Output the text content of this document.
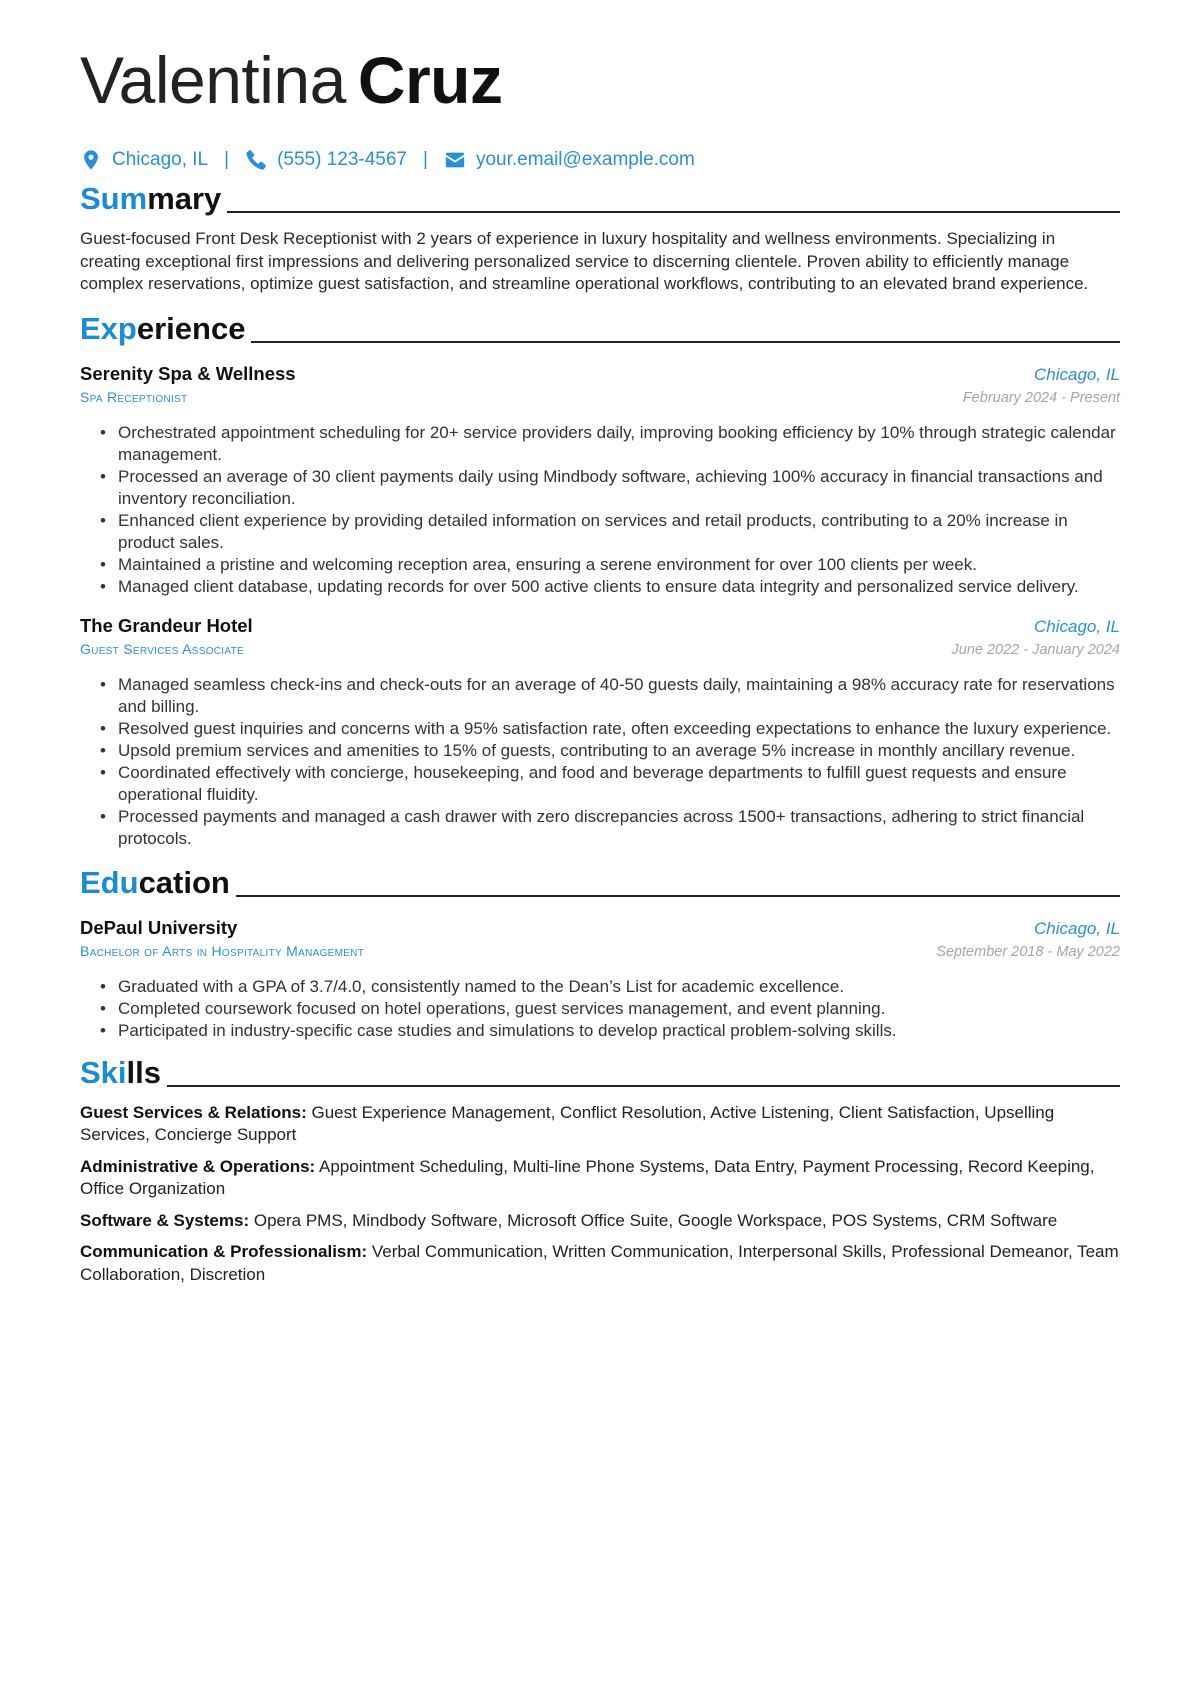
Valentina Cruz
Chicago, IL |	(555) 123-4567 |	your.email@example.com
Summary
Guest-focused Front Desk Receptionist with 2 years of experience in luxury hospitality and wellness environments. Specializing in creating exceptional first impressions and delivering personalized service to discerning clientele. Proven ability to efficiently manage complex reservations, optimize guest satisfaction, and streamline operational workflows, contributing to an elevated brand experience.
Experience
Serenity Spa & Wellness	Chicago, IL
Spa Receptionist	February 2024 - Present
• Orchestrated appointment scheduling for 20+ service providers daily, improving booking efficiency by 10% through strategic calendar management.
• Processed an average of 30 client payments daily using Mindbody software, achieving 100% accuracy in financial transactions and inventory reconciliation.
• Enhanced client experience by providing detailed information on services and retail products, contributing to a 20% increase in product sales.
• Maintained a pristine and welcoming reception area, ensuring a serene environment for over 100 clients per week.
• Managed client database, updating records for over 500 active clients to ensure data integrity and personalized service delivery.
The Grandeur Hotel	Chicago, IL
Guest Services Associate	June 2022 - January 2024
• Managed seamless check-ins and check-outs for an average of 40-50 guests daily, maintaining a 98% accuracy rate for reservations and billing.
• Resolved guest inquiries and concerns with a 95% satisfaction rate, often exceeding expectations to enhance the luxury experience.
• Upsold premium services and amenities to 15% of guests, contributing to an average 5% increase in monthly ancillary revenue.
• Coordinated effectively with concierge, housekeeping, and food and beverage departments to fulfill guest requests and ensure operational fluidity.
• Processed payments and managed a cash drawer with zero discrepancies across 1500+ transactions, adhering to strict financial protocols.
Education
DePaul University	Chicago, IL
Bachelor of Arts in Hospitality Management	September 2018 - May 2022
• Graduated with a GPA of 3.7/4.0, consistently named to the Dean’s List for academic excellence.
• Completed coursework focused on hotel operations, guest services management, and event planning.
• Participated in industry-specific case studies and simulations to develop practical problem-solving skills.
Skills
Guest Services & Relations: Guest Experience Management, Conflict Resolution, Active Listening, Client Satisfaction, Upselling Services, Concierge Support
Administrative & Operations: Appointment Scheduling, Multi-line Phone Systems, Data Entry, Payment Processing, Record Keeping, Office Organization
Software & Systems: Opera PMS, Mindbody Software, Microsoft Office Suite, Google Workspace, POS Systems, CRM Software
Communication & Professionalism: Verbal Communication, Written Communication, Interpersonal Skills, Professional Demeanor, Team Collaboration, Discretion
